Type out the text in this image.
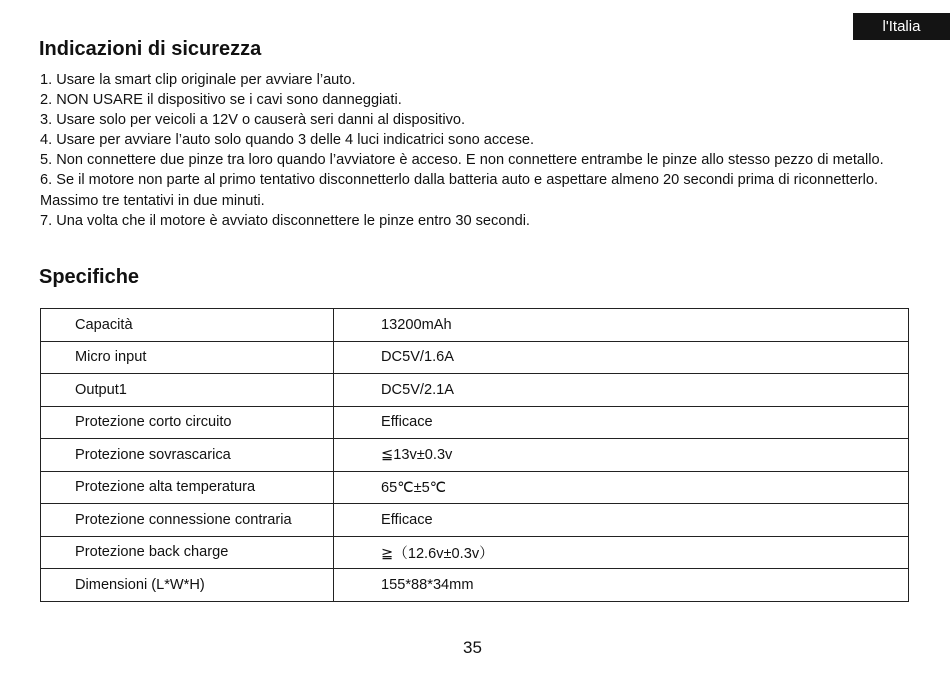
l'Italia
Indicazioni di sicurezza
1. Usare la smart clip originale per avviare l’auto.
2. NON USARE il dispositivo se i cavi sono danneggiati.
3. Usare solo per veicoli a 12V o causerà seri danni al dispositivo.
4. Usare per avviare l’auto solo quando 3 delle 4 luci indicatrici sono accese.
5. Non connettere due pinze tra loro quando l’avviatore è acceso. E non connettere entrambe le pinze allo stesso pezzo di metallo.
6. Se il motore non parte al primo tentativo disconnetterlo dalla batteria auto e aspettare almeno 20 secondi prima di riconnetterlo. Massimo tre tentativi in due minuti.
7. Una volta che il motore è avviato disconnettere le pinze entro 30 secondi.
Specifiche
Capacità	13200mAh
Micro input	DC5V/1.6A
Output1	DC5V/2.1A
Protezione corto circuito	Efficace
Protezione sovrascarica	≦13v±0.3v
Protezione alta temperatura	65℃±5℃
Protezione connessione contraria	Efficace
Protezione back charge	≧（12.6v±0.3v）
Dimensioni (L*W*H)	155*88*34mm
35
